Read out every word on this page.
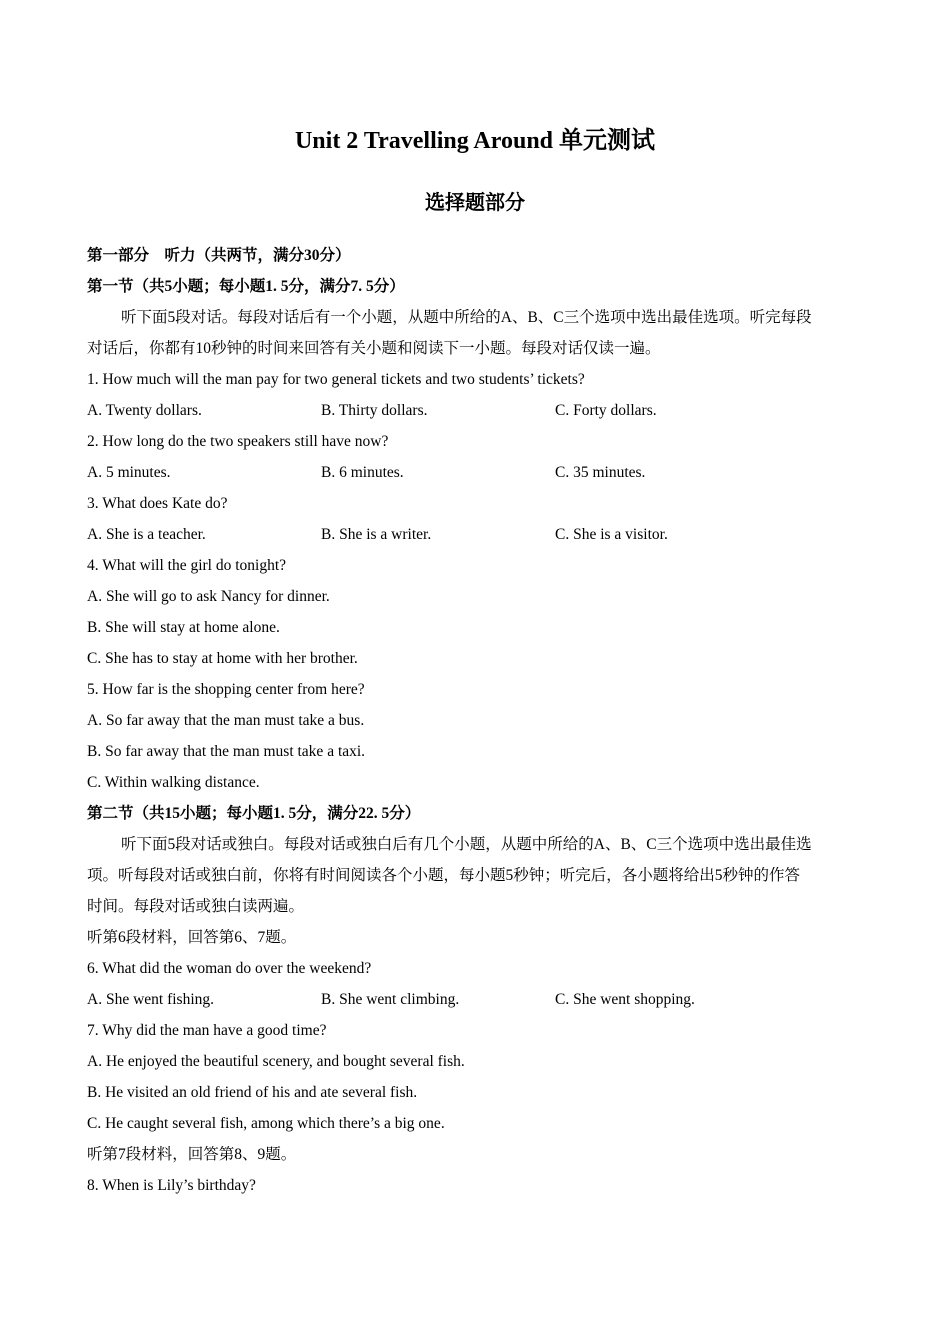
Unit 2 Travelling Around 单元测试
选择题部分
第一部分　听力（共两节，满分30分）
第一节（共5小题；每小题1. 5分，满分7. 5分）
听下面5段对话。每段对话后有一个小题，从题中所给的A、B、C三个选项中选出最佳选项。听完每段
对话后，你都有10秒钟的时间来回答有关小题和阅读下一小题。每段对话仅读一遍。
1. How much will the man pay for two general tickets and two students’ tickets?
A. Twenty dollars.	B. Thirty dollars.	C. Forty dollars.
2. How long do the two speakers still have now?
A. 5 minutes.	B. 6 minutes.	C. 35 minutes.
3. What does Kate do?
A. She is a teacher.	B. She is a writer.	C. She is a visitor.
4. What will the girl do tonight?
A. She will go to ask Nancy for dinner.
B. She will stay at home alone.
C. She has to stay at home with her brother.
5. How far is the shopping center from here?
A. So far away that the man must take a bus.
B. So far away that the man must take a taxi.
C. Within walking distance.
第二节（共15小题；每小题1. 5分，满分22. 5分）
听下面5段对话或独白。每段对话或独白后有几个小题，从题中所给的A、B、C三个选项中选出最佳选
项。听每段对话或独白前，你将有时间阅读各个小题，每小题5秒钟；听完后，各小题将给出5秒钟的作答
时间。每段对话或独白读两遍。
听第6段材料，回答第6、7题。
6. What did the woman do over the weekend?
A. She went fishing.	B. She went climbing.	C. She went shopping.
7. Why did the man have a good time?
A. He enjoyed the beautiful scenery, and bought several fish.
B. He visited an old friend of his and ate several fish.
C. He caught several fish, among which there’s a big one.
听第7段材料，回答第8、9题。
8. When is Lily’s birthday?
